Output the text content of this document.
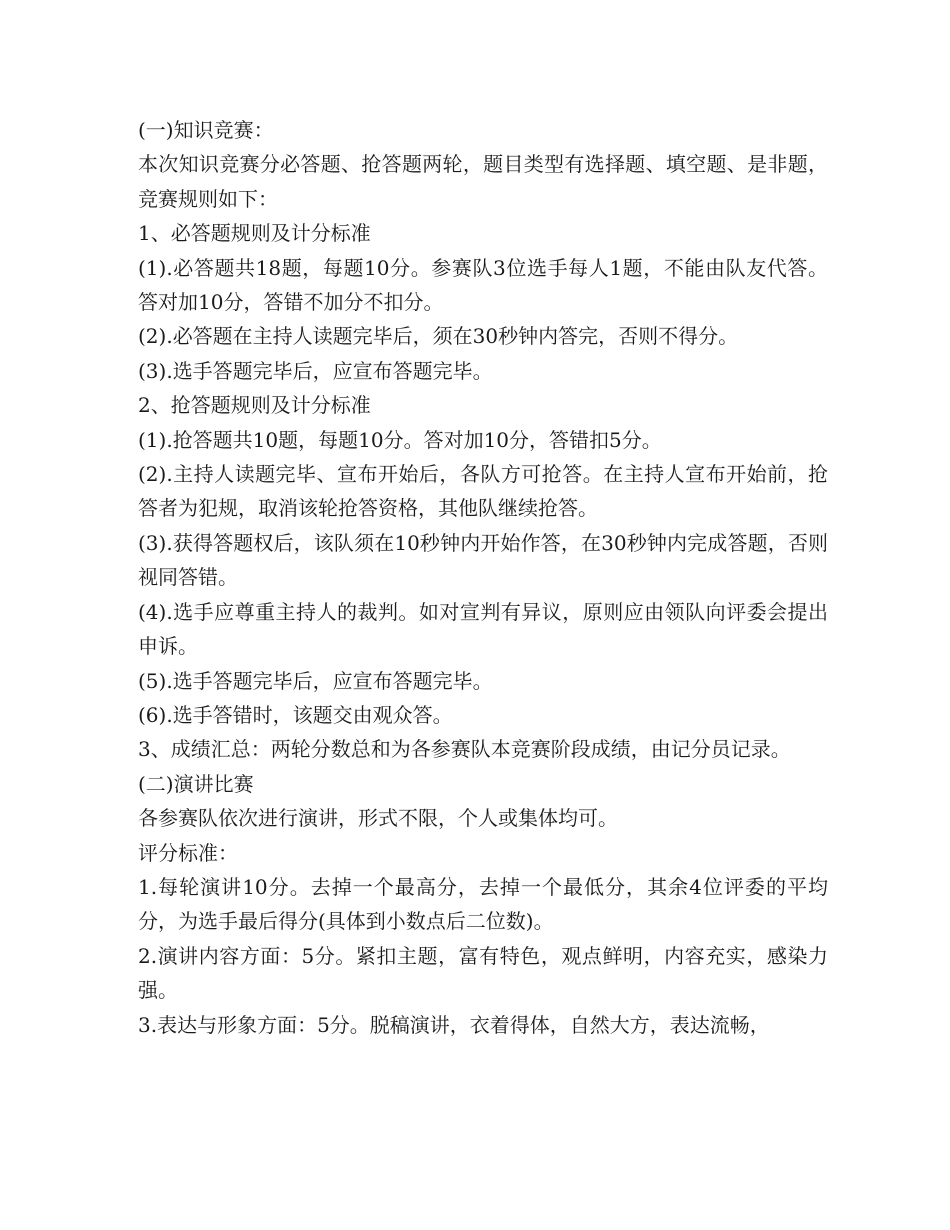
(一)知识竞赛：

本次知识竞赛分必答题、抢答题两轮，题目类型有选择题、填空题、是非题，竞赛规则如下：

1、必答题规则及计分标准

(1).必答题共18题，每题10分。参赛队3位选手每人1题，不能由队友代答。答对加10分，答错不加分不扣分。

(2).必答题在主持人读题完毕后，须在30秒钟内答完，否则不得分。

(3).选手答题完毕后，应宣布答题完毕。

2、抢答题规则及计分标准

(1).抢答题共10题，每题10分。答对加10分，答错扣5分。

(2).主持人读题完毕、宣布开始后，各队方可抢答。在主持人宣布开始前，抢答者为犯规，取消该轮抢答资格，其他队继续抢答。

(3).获得答题权后，该队须在10秒钟内开始作答，在30秒钟内完成答题，否则视同答错。

(4).选手应尊重主持人的裁判。如对宣判有异议，原则应由领队向评委会提出申诉。

(5).选手答题完毕后，应宣布答题完毕。

(6).选手答错时，该题交由观众答。

3、成绩汇总：两轮分数总和为各参赛队本竞赛阶段成绩，由记分员记录。

(二)演讲比赛

各参赛队依次进行演讲，形式不限，个人或集体均可。

评分标准：

1.每轮演讲10分。去掉一个最高分，去掉一个最低分，其余4位评委的平均分，为选手最后得分(具体到小数点后二位数)。

2.演讲内容方面：5分。紧扣主题，富有特色，观点鲜明，内容充实，感染力强。

3.表达与形象方面：5分。脱稿演讲，衣着得体，自然大方，表达流畅，
